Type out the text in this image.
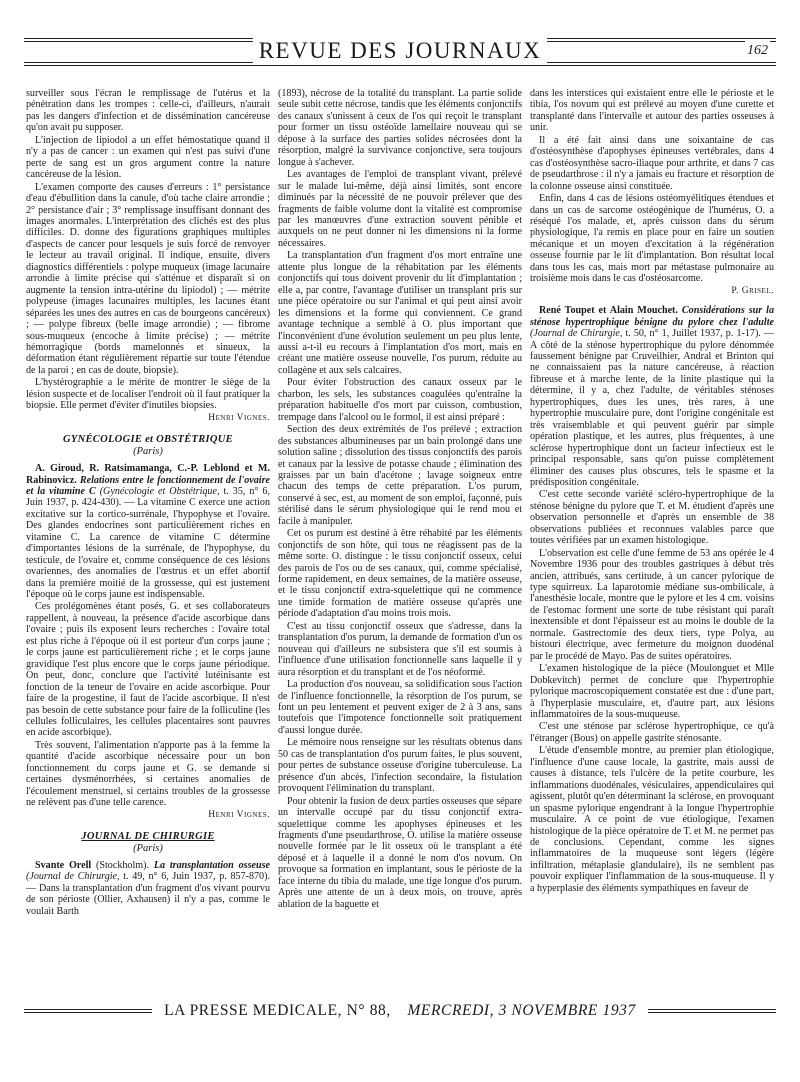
REVUE DES JOURNAUX	162

surveiller sous l'écran le remplissage de l'utérus et la pénétration dans les trompes : celle-ci, d'ailleurs, n'aurait pas les dangers d'infection et de dissémination cancéreuse qu'on avait pu supposer.

L'injection de lipiodol a un effet hémostatique quand il n'y a pas de cancer : un examen qui n'est pas suivi d'une perte de sang est un gros argument contre la nature cancéreuse de la lésion.

L'examen comporte des causes d'erreurs : 1° persistance d'eau d'ébullition dans la canule, d'où tache claire arrondie ; 2° persistance d'air ; 3° remplissage insuffisant donnant des images anormales. L'interprétation des clichés est des plus difficiles. D. donne des figurations graphiques multiples d'aspects de cancer pour lesquels je suis forcé de renvoyer le lecteur au travail original. Il indique, ensuite, divers diagnostics différentiels : polype muqueux (image lacunaire arrondie à limite précise qui s'atténue et disparaît si on augmente la tension intra-utérine du lipiodol) ; — métrite polypeuse (images lacunaires multiples, les lacunes étant séparées les unes des autres en cas de bourgeons cancéreux) ; — polype fibreux (belle image arrondie) ; — fibrome sous-muqueux (encoche à limite précise) ; — métrite hémorragique (bords mamelonnés et sinueux, la déformation étant régulièrement répartie sur toute l'étendue de la paroi ; en cas de doute, biopsie).

L'hystérographie a le mérite de montrer le siège de la lésion suspecte et de localiser l'endroit où il faut pratiquer la biopsie. Elle permet d'éviter d'inutiles biopsies.

Henri Vignes.
GYNÉCOLOGIE et OBSTÉTRIQUE
(Paris)

A. Giroud, R. Ratsimamanga, C.-P. Leblond et M. Rabinovicz. Relations entre le fonctionnement de l'ovaire et la vitamine C (Gynécologie et Obstétrique, t. 35, n° 6, Juin 1937, p. 424-430). — La vitamine C exerce une action excitative sur la cortico-surrénale, l'hypophyse et l'ovaire. Des glandes endocrines sont particulièrement riches en vitamine C. La carence de vitamine C détermine d'importantes lésions de la surrénale, de l'hypophyse, du testicule, de l'ovaire et, comme conséquence de ces lésions ovariennes, des anomalies de l'œstrus et un effet abortif dans la première moitié de la grossesse, qui est justement l'époque où le corps jaune est indispensable.

Ces prolégomènes étant posés, G. et ses collaborateurs rappellent, à nouveau, la présence d'acide ascorbique dans l'ovaire ; puis ils exposent leurs recherches : l'ovaire total est plus riche à l'époque où il est porteur d'un corps jaune ; le corps jaune est particulièrement riche ; et le corps jaune gravidique l'est plus encore que le corps jaune périodique. On peut, donc, conclure que l'activité lutéinisante est fonction de la teneur de l'ovaire en acide ascorbique. Pour faire de la progestine, il faut de l'acide ascorbique. Il n'est pas besoin de cette substance pour faire de la folliculine (les cellules folliculaires, les cellules placentaires sont pauvres en acide ascorbique).

Très souvent, l'alimentation n'apporte pas à la femme la quantité d'acide ascorbique nécessaire pour un bon fonctionnement du corps jaune et G. se demande si certaines dysménorrhées, si certaines anomalies de l'écoulement menstruel, si certains troubles de la grossesse ne relèvent pas d'une telle carence.

Henri Vignes.
JOURNAL DE CHIRURGIE
(Paris)

Svante Orell (Stockholm). La transplantation osseuse (Journal de Chirurgie, t. 49, n° 6, Juin 1937, p. 857-870). — Dans la transplantation d'un fragment d'os vivant pourvu de son périoste (Ollier, Axhausen) il n'y a pas, comme le voulait Barth

(1893), nécrose de la totalité du transplant. La partie solide seule subit cette nécrose, tandis que les éléments conjonctifs des canaux s'unissent à ceux de l'os qui reçoit le transplant pour former un tissu ostéoïde lamellaire nouveau qui se dépose à la surface des parties solides nécrosées dont la résorption, malgré la survivance conjonctive, sera toujours longue à s'achever.

Les avantages de l'emploi de transplant vivant, prélevé sur le malade lui-même, déjà ainsi limités, sont encore diminués par la nécessité de ne pouvoir prélever que des fragments de faible volume dont la vitalité est compromise par les manœuvres d'une extraction souvent pénible et auxquels on ne peut donner ni les dimensions ni la forme nécessaires.

La transplantation d'un fragment d'os mort entraîne une attente plus longue de la réhabitation par les éléments conjonctifs qui tous doivent provenir du lit d'implantation ; elle a, par contre, l'avantage d'utiliser un transplant pris sur une pièce opératoire ou sur l'animal et qui peut ainsi avoir les dimensions et la forme qui conviennent. Ce grand avantage technique a semblé à O. plus important que l'inconvénient d'une évolution seulement un peu plus lente, aussi a-t-il eu recours à l'implantation d'os mort, mais en créant une matière osseuse nouvelle, l'os purum, réduite au collagène et aux sels calcaires.

Pour éviter l'obstruction des canaux osseux par le charbon, les sels, les substances coagulées qu'entraîne la préparation habituelle d'os mort par cuisson, combustion, trempage dans l'alcool ou le formol, il est ainsi préparé :

Section des deux extrémités de l'os prélevé ; extraction des substances albumineuses par un bain prolongé dans une solution saline ; dissolution des tissus conjonctifs des parois et canaux par la lessive de potasse chaude ; élimination des graisses par un bain d'acétone ; lavage soigneux entre chacun des temps de cette préparation. L'os purum, conservé à sec, est, au moment de son emploi, façonné, puis stérilisé dans le sérum physiologique qui le rend mou et facile à manipuler.

Cet os purum est destiné à être réhabité par les éléments conjonctifs de son hôte, qui tous ne réagissent pas de la même sorte. O. distingue : le tissu conjonctif osseux, celui des parois de l'os ou de ses canaux, qui, comme spécialisé, forme rapidement, en deux semaines, de la matière osseuse, et le tissu conjonctif extra-squelettique qui ne commence une timide formation de matière osseuse qu'après une période d'adaptation d'au moins trois mois.

C'est au tissu conjonctif osseux que s'adresse, dans la transplantation d'os purum, la demande de formation d'un os nouveau qui d'ailleurs ne subsistera que s'il est soumis à l'influence d'une utilisation fonctionnelle sans laquelle il y aura résorption et du transplant et de l'os néoformé.

La production d'os nouveau, sa solidification sous l'action de l'influence fonctionnelle, la résorption de l'os purum, se font un peu lentement et peuvent exiger de 2 à 3 ans, sans toutefois que l'impotence fonctionnelle soit pratiquement d'aussi longue durée.

Le mémoire nous renseigne sur les résultats obtenus dans 50 cas de transplantation d'os purum faites, le plus souvent, pour pertes de substance osseuse d'origine tuberculeuse. La présence d'un abcès, l'infection secondaire, la fistulation provoquent l'élimination du transplant.

Pour obtenir la fusion de deux parties osseuses que sépare un intervalle occupé par du tissu conjonctif extra-squelettique comme les apophyses épineuses et les fragments d'une pseudarthrose, O. utilise la matière osseuse nouvelle formée par le lit osseux où le transplant a été déposé et à laquelle il a donné le nom d'os novum. On provoque sa formation en implantant, sous le périoste de la face interne du tibia du malade, une tige longue d'os purum. Après une attente de un à deux mois, on trouve, après ablation de la baguette et

dans les interstices qui existaient entre elle le périoste et le tibia, l'os novum qui est prélevé au moyen d'une curette et transplanté dans l'intervalle et autour des parties osseuses à unir.

Il a été fait ainsi dans une soixantaine de cas d'ostéosynthèse d'apophyses épineuses vertébrales, dans 4 cas d'ostéosynthèse sacro-iliaque pour arthrite, et dans 7 cas de pseudarthrose : il n'y a jamais eu fracture et résorption de la colonne osseuse ainsi constituée.

Enfin, dans 4 cas de lésions ostéomyélitiques étendues et dans un cas de sarcome ostéogénique de l'humérus, O. a réséqué l'os malade, et, après cuisson dans du sérum physiologique, l'a remis en place pour en faire un soutien mécanique et un moyen d'excitation à la régénération osseuse fournie par le lit d'implantation. Bon résultat local dans tous les cas, mais mort par métastase pulmonaire au troisième mois dans le cas d'ostéosarcome.

P. Grisel.

René Toupet et Alain Mouchet. Considérations sur la sténose hypertrophique bénigne du pylore chez l'adulte (Journal de Chirurgie, t. 50, n° 1, Juillet 1937, p. 1-17). — A côté de la sténose hypertrophique du pylore dénommée faussement bénigne par Cruveilhier, Andral et Brinton qui ne connaissaient pas la nature cancéreuse, à réaction fibreuse et à marche lente, de la linite plastique qui la détermine, il y a, chez l'adulte, de véritables sténoses hypertrophiques, dues les unes, très rares, à une hypertrophie musculaire pure, dont l'origine congénitale est très vraisemblable et qui peuvent guérir par simple opération plastique, et les autres, plus fréquentes, à une sclérose hypertrophique dont un facteur infectieux est le principal responsable, sans qu'on puisse complètement éliminer des causes plus obscures, tels le spasme et la prédisposition congénitale.

C'est cette seconde variété scléro-hypertrophique de la sténose bénigne du pylore que T. et M. étudient d'après une observation personnelle et d'après un ensemble de 38 observations publiées et reconnues valables parce que toutes vérifiées par un examen histologique.

L'observation est celle d'une femme de 53 ans opérée le 4 Novembre 1936 pour des troubles gastriques à début très ancien, attribués, sans certitude, à un cancer pylorique de type squirreux. La laparotomie médiane sus-ombilicale, à l'anesthésie locale, montre que le pylore et les 4 cm. voisins de l'estomac forment une sorte de tube résistant qui paraît inextensible et dont l'épaisseur est au moins le double de la normale. Gastrectomie des deux tiers, type Polya, au bistouri électrique, avec fermeture du moignon duodénal par le procédé de Mayo. Pas de suites opératoires.

L'examen histologique de la pièce (Moulonguet et Mlle Dobkevitch) permet de conclure que l'hypertrophie pylorique macroscopiquement constatée est due : d'une part, à l'hyperplasie musculaire, et, d'autre part, aux lésions inflammatoires de la sous-muqueuse.

C'est une sténose par sclérose hypertrophique, ce qu'à l'étranger (Bous) on appelle gastrite sténosante.

L'étude d'ensemble montre, au premier plan étiologique, l'influence d'une cause locale, la gastrite, mais aussi de causes à distance, tels l'ulcère de la petite courbure, les inflammations duodénales, vésiculaires, appendiculaires qui agissent, plutôt qu'en déterminant la sclérose, en provoquant un spasme pylorique engendrant à la longue l'hypertrophie musculaire. A ce point de vue étiologique, l'examen histologique de la pièce opératoire de T. et M. ne permet pas de conclusions. Cependant, comme les signes inflammatoires de la muqueuse sont légers (légère infiltration, métaplasie glandulaire), ils ne semblent pas pouvoir expliquer l'inflammation de la sous-muqueuse. Il y a hyperplasie des éléments sympathiques en faveur de

LA PRESSE MEDICALE, N° 88, MERCREDI, 3 NOVEMBRE 1937
